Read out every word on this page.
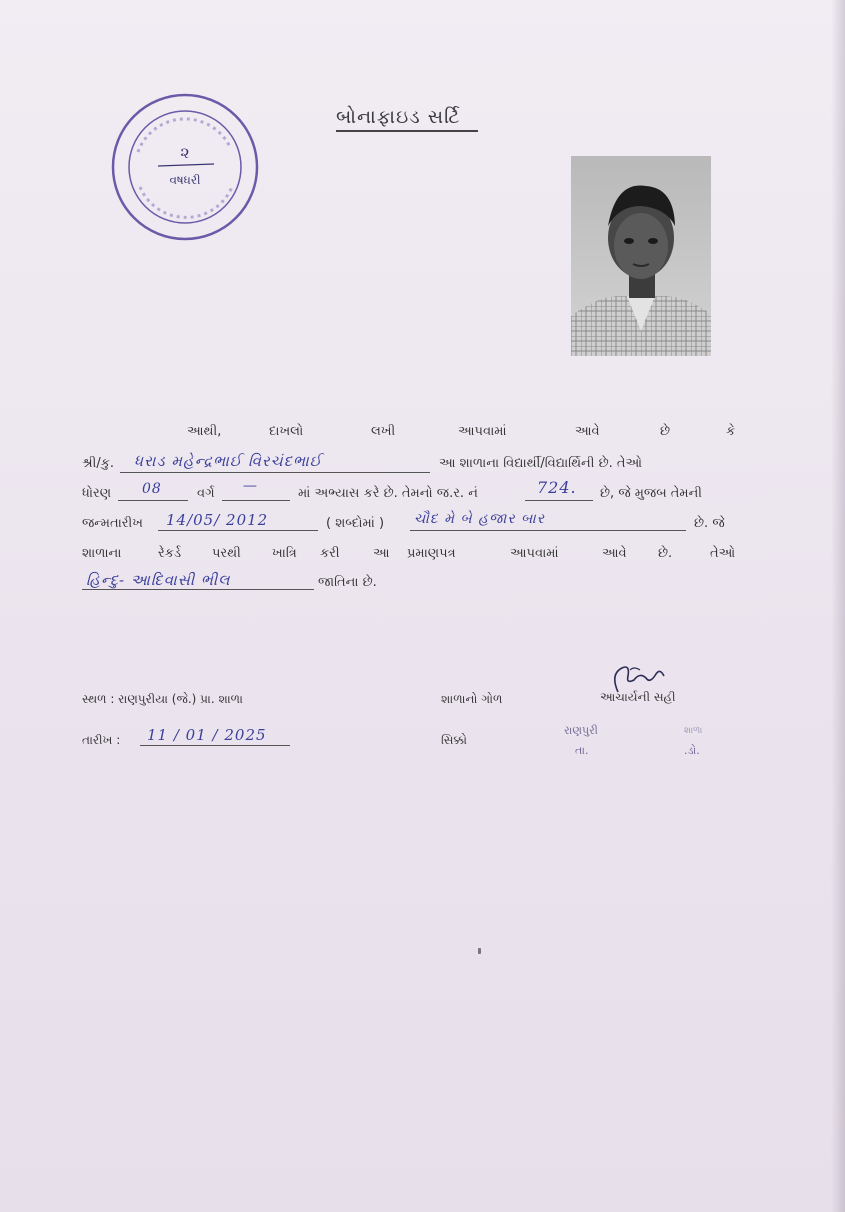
૨
વષધરી
બોનાફાઇડ સર્ટિ
આથી,	દાખલો	લખી	આપવામાં	આવે	છે	કે
શ્રી/કુ. ધરાડ મહેન્દ્રભાઈ વિરચંદભાઈ	આ શાળાના વિદ્યાર્થી/વિદ્યાર્થિની છે. તેઓ
ધોરણ 08	વર્ગ —	માં અભ્યાસ કરે છે. તેમનો જ.ર. નં	724. છે, જે મુજબ તેમની
જન્મતારીખ 14/05/ 2012	( શબ્દોમાં ) ચૌદ મે બે હજાર બાર	છે. જે
શાળાના	રેકર્ડ પરથી ખાત્રિ કરી	આ પ્રમાણપત્ર	આપવામાં	આવે છે.	તેઓ
હિન્દુ- આદિવાસી ભીલ	જાતિના છે.
સ્થળ : રાણપુરીયા (જે.) પ્રા. શાળા	શાળાનો ગોળ	આચાર્યની સહી
તારીખ : 11 / 01 / 2025	સિક્કો
રાણપુરી	શાળા
તા.	.ડો.
